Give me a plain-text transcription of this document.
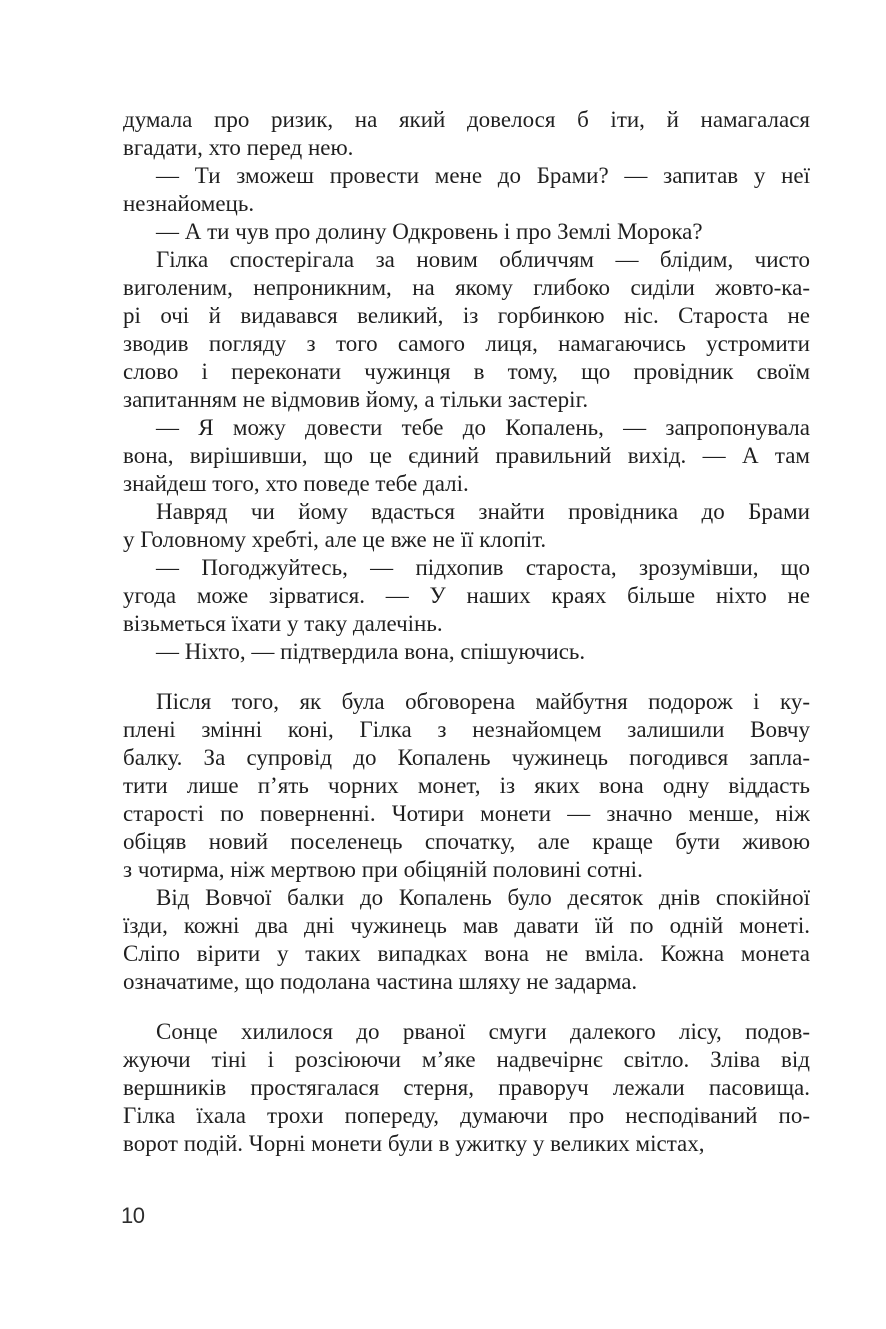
думала про ризик, на який довелося б іти, й намагалася
вгадати, хто перед нею.
— Ти зможеш провести мене до Брами? — запитав у неї
незнайомець.
— А ти чув про долину Одкровень і про Землі Морока?
Гілка спостерігала за новим обличчям — блідим, чисто
виголеним, непроникним, на якому глибоко сиділи жовто-ка-
рі очі й видавався великий, із горбинкою ніс. Староста не
зводив погляду з того самого лиця, намагаючись устромити
слово і переконати чужинця в тому, що провідник своїм
запитанням не відмовив йому, а тільки застеріг.
— Я можу довести тебе до Копалень, — запропонувала
вона, вирішивши, що це єдиний правильний вихід. — А там
знайдеш того, хто поведе тебе далі.
Навряд чи йому вдасться знайти провідника до Брами
у Головному хребті, але це вже не її клопіт.
— Погоджуйтесь, — підхопив староста, зрозумівши, що
угода може зірватися. — У наших краях більше ніхто не
візьметься їхати у таку далечінь.
— Ніхто, — підтвердила вона, спішуючись.
Після того, як була обговорена майбутня подорож і ку-
плені змінні коні, Гілка з незнайомцем залишили Вовчу
балку. За супровід до Копалень чужинець погодився запла-
тити лише п’ять чорних монет, із яких вона одну віддасть
старості по поверненні. Чотири монети — значно менше, ніж
обіцяв новий поселенець спочатку, але краще бути живою
з чотирма, ніж мертвою при обіцяній половині сотні.
Від Вовчої балки до Копалень було десяток днів спокійної
їзди, кожні два дні чужинець мав давати їй по одній монеті.
Сліпо вірити у таких випадках вона не вміла. Кожна монета
означатиме, що подолана частина шляху не задарма.
Сонце хилилося до рваної смуги далекого лісу, подов-
жуючи тіні і розсіюючи м’яке надвечірнє світло. Зліва від
вершників простягалася стерня, праворуч лежали пасовища.
Гілка їхала трохи попереду, думаючи про несподіваний по-
ворот подій. Чорні монети були в ужитку у великих містах,
10
